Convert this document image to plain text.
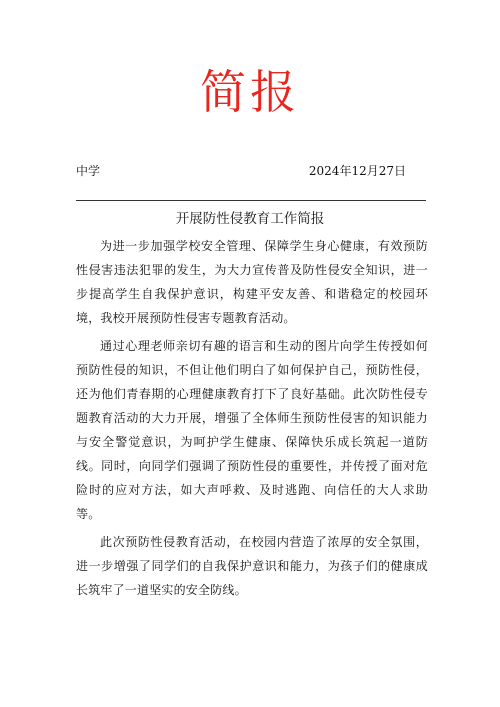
简报
中学	2024年12月27日
开展防性侵教育工作简报

为进一步加强学校安全管理、保障学生身心健康，有效预防性侵害违法犯罪的发生，为大力宣传普及防性侵安全知识，进一步提高学生自我保护意识，构建平安友善、和谐稳定的校园环境，我校开展预防性侵害专题教育活动。

通过心理老师亲切有趣的语言和生动的图片向学生传授如何预防性侵的知识，不但让他们明白了如何保护自己，预防性侵，还为他们青春期的心理健康教育打下了良好基础。此次防性侵专题教育活动的大力开展，增强了全体师生预防性侵害的知识能力与安全警觉意识，为呵护学生健康、保障快乐成长筑起一道防线。同时，向同学们强调了预防性侵的重要性，并传授了面对危险时的应对方法，如大声呼救、及时逃跑、向信任的大人求助等。

此次预防性侵教育活动，在校园内营造了浓厚的安全氛围，进一步增强了同学们的自我保护意识和能力，为孩子们的健康成长筑牢了一道坚实的安全防线。
